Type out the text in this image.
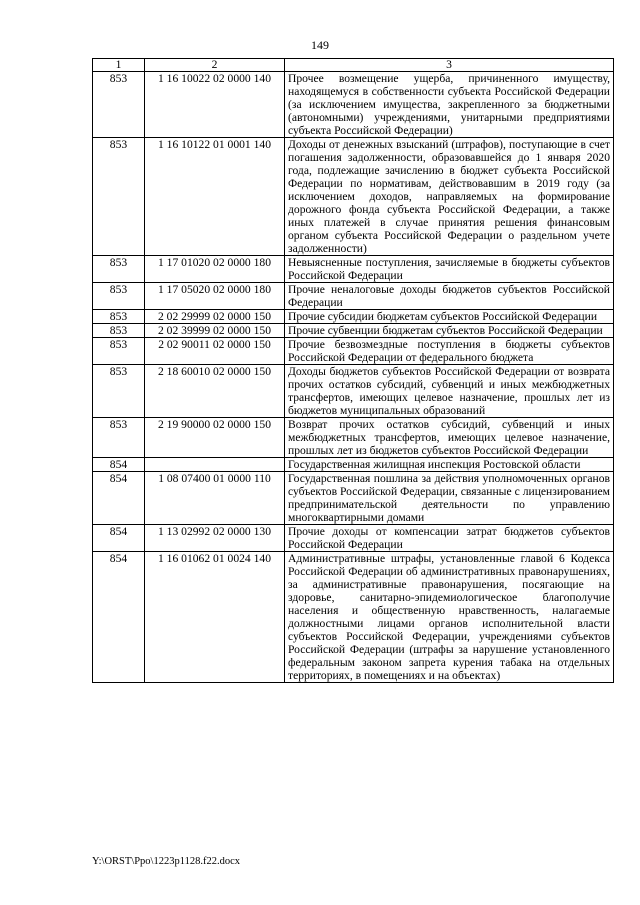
149
1	2	3
853	1 16 10022 02 0000 140	Прочее возмещение ущерба, причиненного имуществу, находящемуся в собственности субъекта Российской Федерации (за исключением имущества, закрепленного за бюджетными (автономными) учреждениями, унитарными предприятиями субъекта Российской Федерации)
853	1 16 10122 01 0001 140	Доходы от денежных взысканий (штрафов), поступающие в счет погашения задолженности, образовавшейся до 1 января 2020 года, подлежащие зачислению в бюджет субъекта Российской Федерации по нормативам, действовавшим в 2019 году (за исключением доходов, направляемых на формирование дорожного фонда субъекта Российской Федерации, а также иных платежей в случае принятия решения финансовым органом субъекта Российской Федерации о раздельном учете задолженности)
853	1 17 01020 02 0000 180	Невыясненные поступления, зачисляемые в бюджеты субъектов Российской Федерации
853	1 17 05020 02 0000 180	Прочие неналоговые доходы бюджетов субъектов Российской Федерации
853	2 02 29999 02 0000 150	Прочие субсидии бюджетам субъектов Российской Федерации
853	2 02 39999 02 0000 150	Прочие субвенции бюджетам субъектов Российской Федерации
853	2 02 90011 02 0000 150	Прочие безвозмездные поступления в бюджеты субъектов Российской Федерации от федерального бюджета
853	2 18 60010 02 0000 150	Доходы бюджетов субъектов Российской Федерации от возврата прочих остатков субсидий, субвенций и иных межбюджетных трансфертов, имеющих целевое назначение, прошлых лет из бюджетов муниципальных образований
853	2 19 90000 02 0000 150	Возврат прочих остатков субсидий, субвенций и иных межбюджетных трансфертов, имеющих целевое назначение, прошлых лет из бюджетов субъектов Российской Федерации
854		Государственная жилищная инспекция Ростовской области
854	1 08 07400 01 0000 110	Государственная пошлина за действия уполномоченных органов субъектов Российской Федерации, связанные с лицензированием предпринимательской деятельности по управлению многоквартирными домами
854	1 13 02992 02 0000 130	Прочие доходы от компенсации затрат бюджетов субъектов Российской Федерации
854	1 16 01062 01 0024 140	Административные штрафы, установленные главой 6 Кодекса Российской Федерации об административных правонарушениях, за административные правонарушения, посягающие на здоровье, санитарно-эпидемиологическое благополучие населения и общественную нравственность, налагаемые должностными лицами органов исполнительной власти субъектов Российской Федерации, учреждениями субъектов Российской Федерации (штрафы за нарушение установленного федеральным законом запрета курения табака на отдельных территориях, в помещениях и на объектах)
Y:\ORST\Ppo\1223p1128.f22.docx
